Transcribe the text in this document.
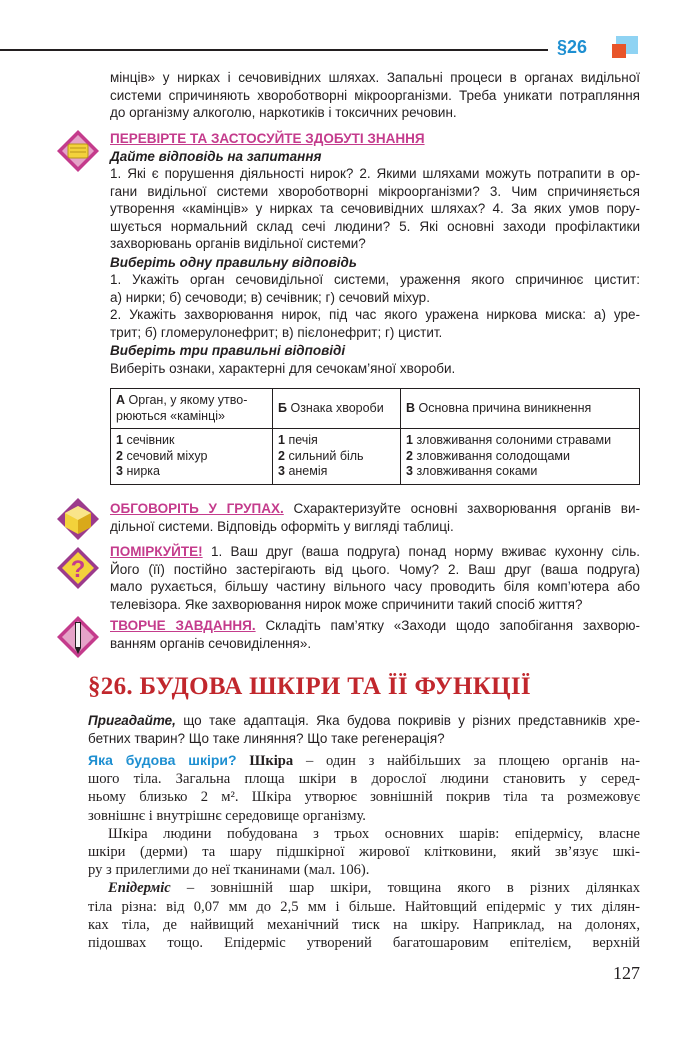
§26
мінців» у нирках і сечовивідних шляхах. Запальні процеси в органах видільної
системи спричиняють хвороботворні мікроорганізми. Треба уникати потрапляння
до організму алкоголю, наркотиків і токсичних речовин.
ПЕРЕВІРТЕ ТА ЗАСТОСУЙТЕ ЗДОБУТІ ЗНАННЯ
Дайте відповідь на запитання
1. Які є порушення діяльності нирок? 2. Якими шляхами можуть потрапити в ор-
гани видільної системи хвороботворні мікроорганізми? 3. Чим спричиняється
утворення «камінців» у нирках та сечовивідних шляхах? 4. За яких умов пору-
шується нормальний склад сечі людини? 5. Які основні заходи профілактики
захворювань органів видільної системи?
Виберіть одну правильну відповідь
1. Укажіть орган сечовидільної системи, ураження якого спричинює цистит:
а) нирки; б) сечоводи; в) сечівник; г) сечовий міхур.
2. Укажіть захворювання нирок, під час якого уражена ниркова миска: а) уре-
трит; б) гломерулонефрит; в) пієлонефрит; г) цистит.
Виберіть три правильні відповіді
Виберіть ознаки, характерні для сечокам’яної хвороби.
А Орган, у якому утво-
рюються «камінці»	Б Ознака хвороби	В Основна причина виникнення
1 сечівник
2 сечовий міхур
3 нирка	1 печія
2 сильний біль
3 анемія	1 зловживання солоними стравами
2 зловживання солодощами
3 зловживання соками
ОБГОВОРІТЬ У ГРУПАХ. Схарактеризуйте основні захворювання органів ви-
дільної системи. Відповідь оформіть у вигляді таблиці.
?
ПОМІРКУЙТЕ! 1. Ваш друг (ваша подруга) понад норму вживає кухонну сіль.
Його (її) постійно застерігають від цього. Чому? 2. Ваш друг (ваша подруга)
мало рухається, більшу частину вільного часу проводить біля комп’ютера або
телевізора. Яке захворювання нирок може спричинити такий спосіб життя?
ТВОРЧЕ ЗАВДАННЯ. Складіть пам’ятку «Заходи щодо запобігання захворю-
ванням органів сечовиділення».
§26. БУДОВА ШКІРИ ТА ЇЇ ФУНКЦІЇ
Пригадайте, що таке адаптація. Яка будова покривів у різних представників хре-
бетних тварин? Що таке линяння? Що таке регенерація?
Яка будова шкіри? Шкіра – один з найбільших за площею органів на-
шого тіла. Загальна площа шкіри в дорослої людини становить у серед-
ньому близько 2 м². Шкіра утворює зовнішній покрив тіла та розмежовує
зовнішнє і внутрішнє середовище організму.
Шкіра людини побудована з трьох основних шарів: епідермісу, власне
шкіри (дерми) та шару підшкірної жирової клітковини, який зв’язує шкі-
ру з прилеглими до неї тканинами (мал. 106).
Епідерміс – зовнішній шар шкіри, товщина якого в різних ділянках
тіла різна: від 0,07 мм до 2,5 мм і більше. Найтовщий епідерміс у тих ділян-
ках тіла, де найвищий механічний тиск на шкіру. Наприклад, на долонях,
підошвах тощо. Епідерміс утворений багатошаровим епітелієм, верхній
127
